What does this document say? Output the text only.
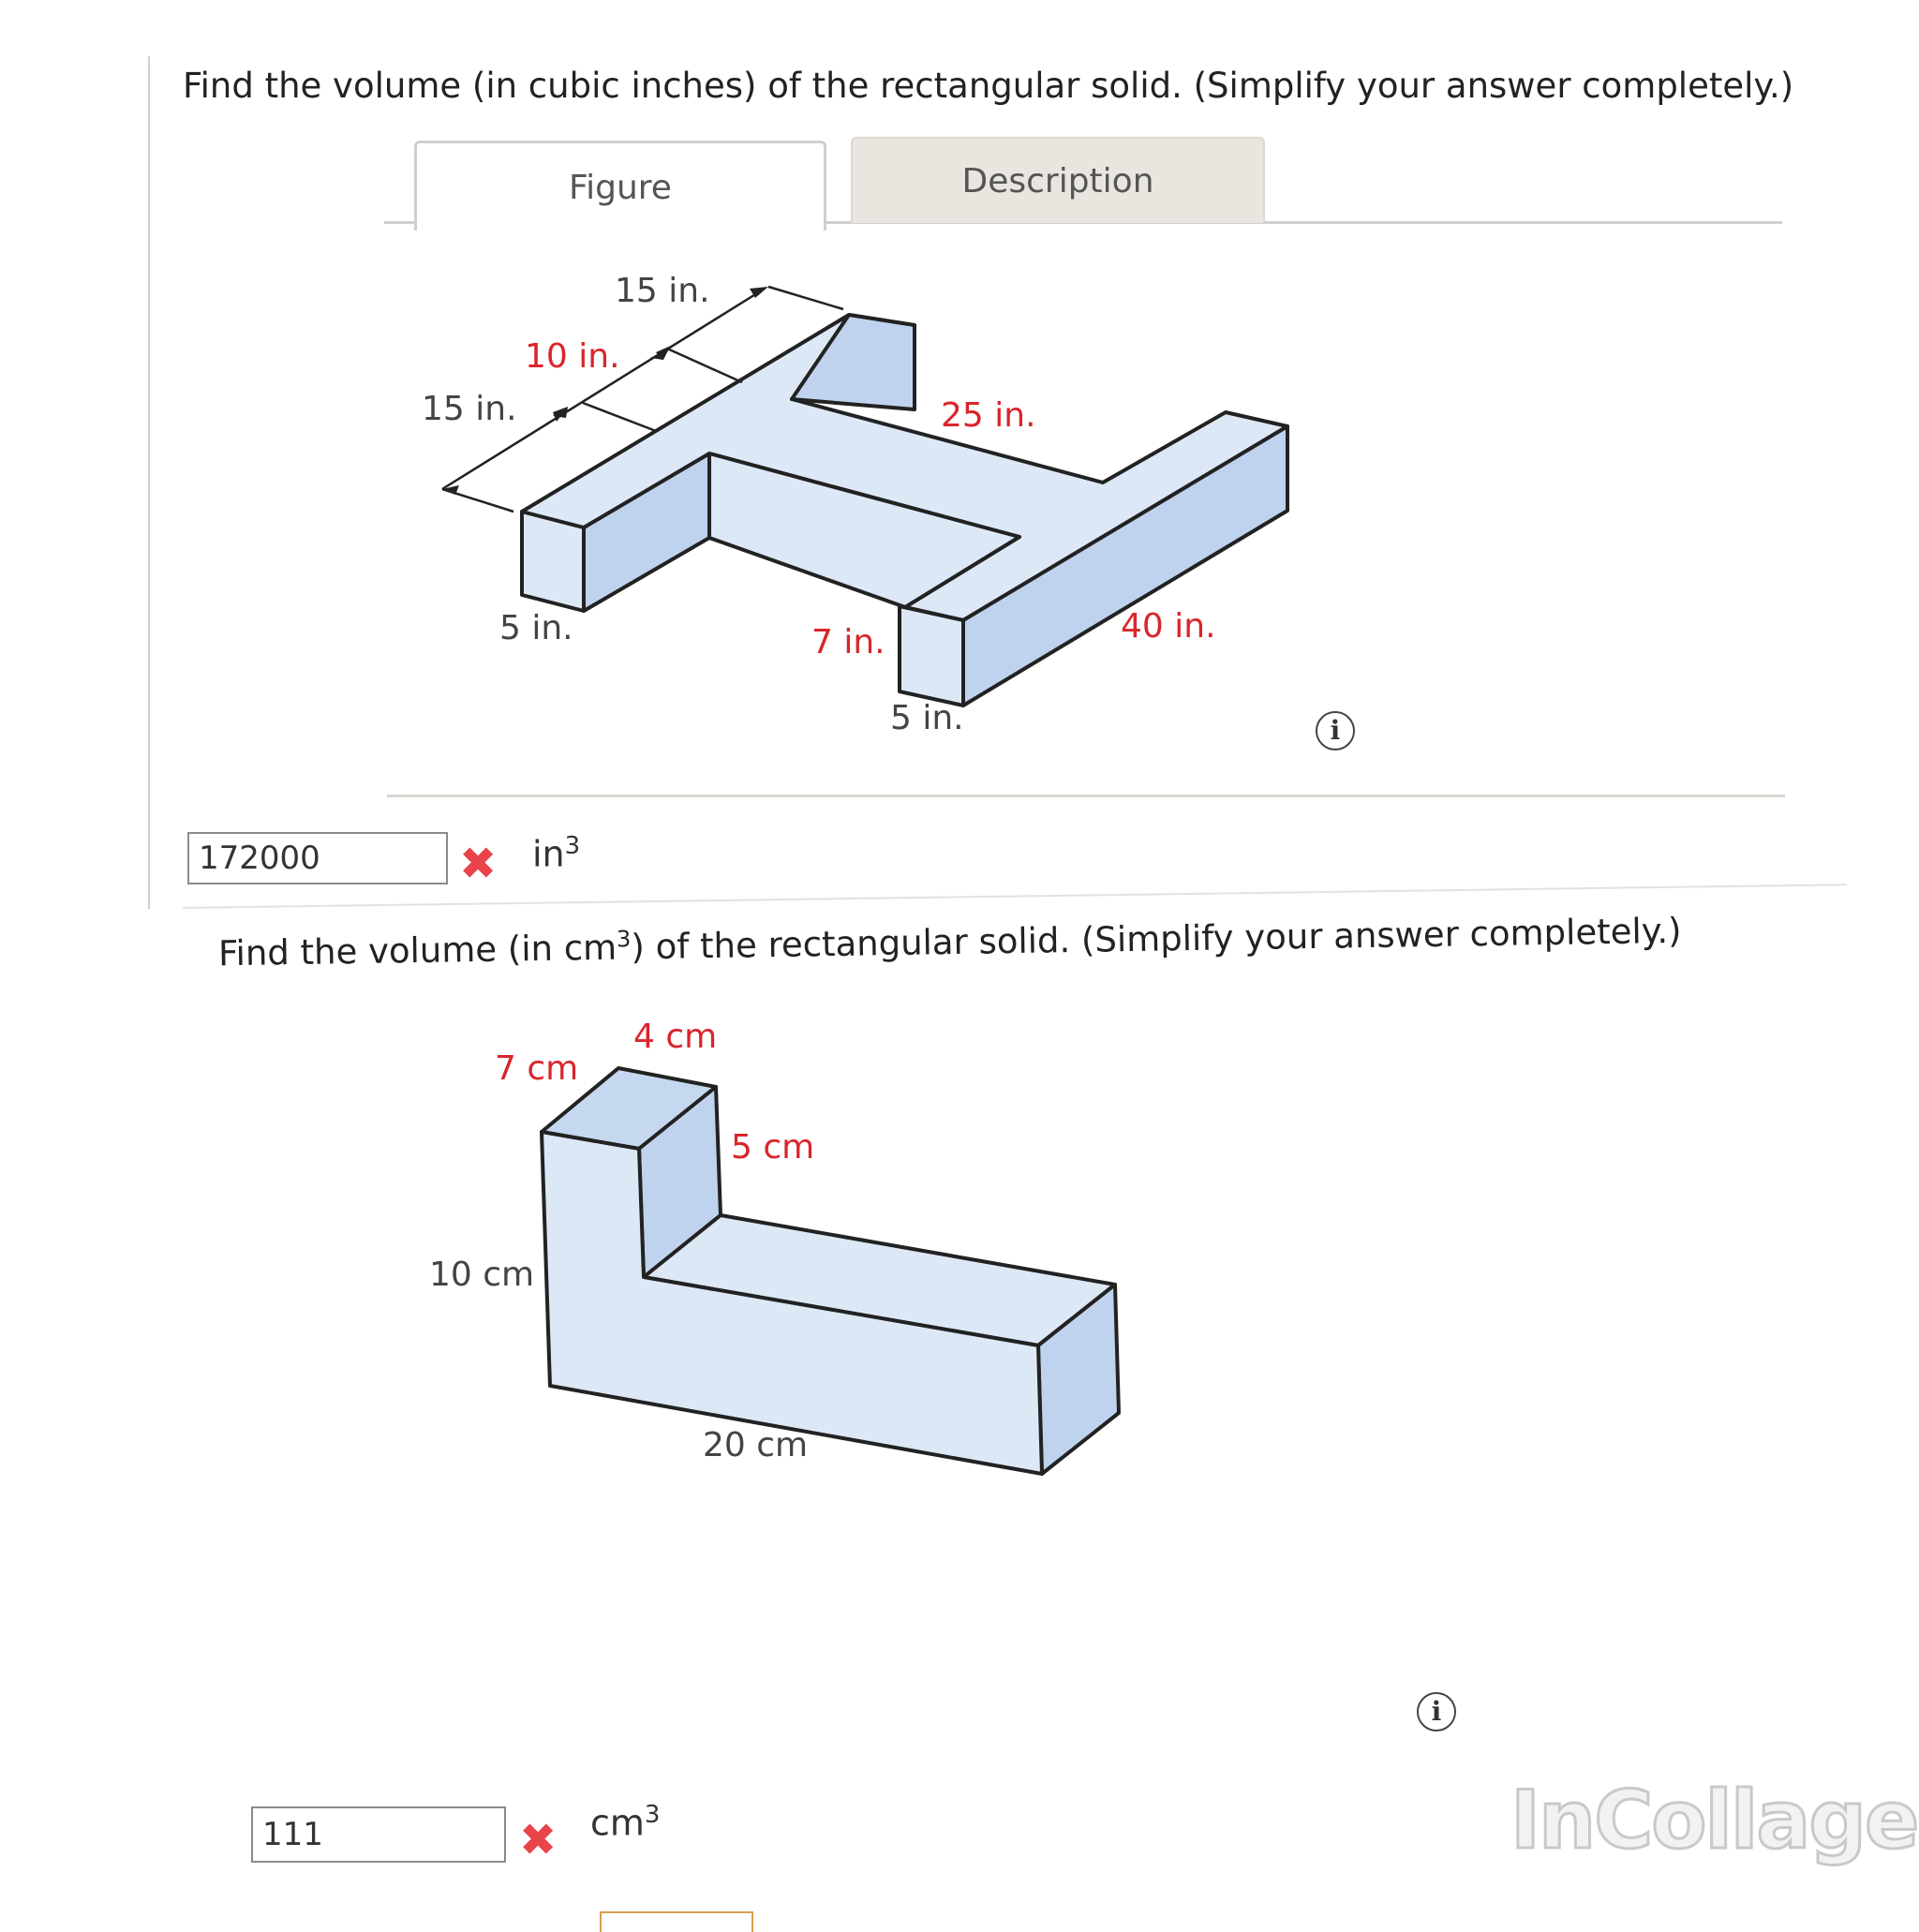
Find the volume (in cubic inches) of the rectangular solid. (Simplify your answer completely.)
Description
Figure
15 in.
10 in.
15 in.	25 in.
5 in.	7 in.
5 in.
40 in.
i
172000	✖ $in^3$
Find the volume (in $cm^3$) of the rectangular solid. (Simplify your answer completely.)
4 cm
7 cm
5 cm
10 cm
20 cm
i
111	✖ $cm^3$	InCollage
